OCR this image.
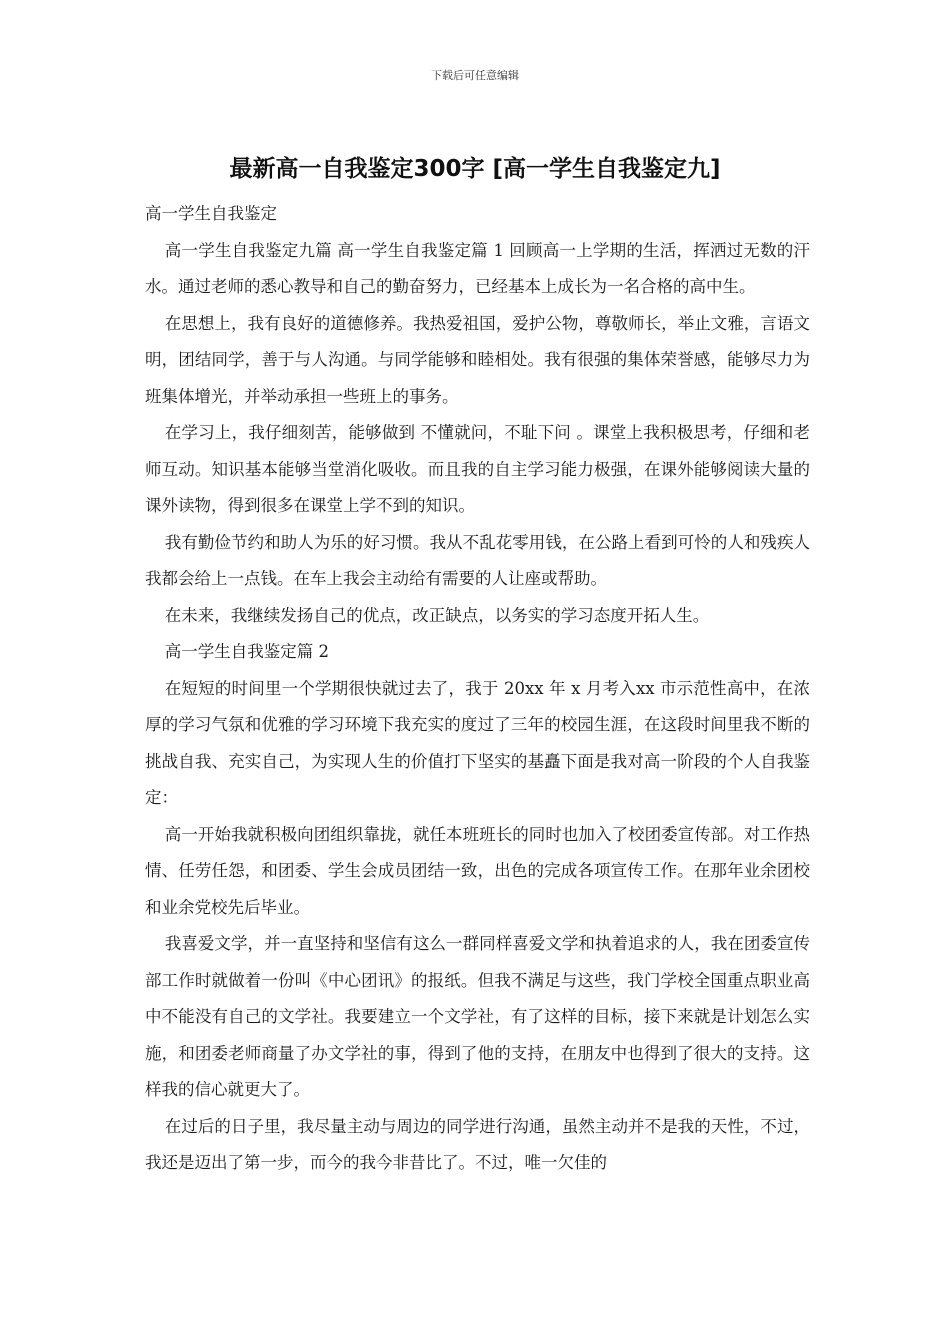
下载后可任意编辑
最新高一自我鉴定300字 [高一学生自我鉴定九]

高一学生自我鉴定

高一学生自我鉴定九篇 高一学生自我鉴定篇 1 回顾高一上学期的生活，挥洒过无数的汗水。通过老师的悉心教导和自己的勤奋努力，已经基本上成长为一名合格的高中生。

在思想上，我有良好的道德修养。我热爱祖国，爱护公物，尊敬师长，举止文雅，言语文明，团结同学，善于与人沟通。与同学能够和睦相处。我有很强的集体荣誉感，能够尽力为班集体增光，并举动承担一些班上的事务。

在学习上，我仔细刻苦，能够做到 不懂就问，不耻下问 。课堂上我积极思考，仔细和老师互动。知识基本能够当堂消化吸收。而且我的自主学习能力极强，在课外能够阅读大量的课外读物，得到很多在课堂上学不到的知识。

我有勤俭节约和助人为乐的好习惯。我从不乱花零用钱，在公路上看到可怜的人和残疾人我都会给上一点钱。在车上我会主动给有需要的人让座或帮助。

在未来，我继续发扬自己的优点，改正缺点，以务实的学习态度开拓人生。

高一学生自我鉴定篇 2

在短短的时间里一个学期很快就过去了，我于 20xx 年 x 月考入xx 市示范性高中，在浓厚的学习气氛和优雅的学习环境下我充实的度过了三年的校园生涯，在这段时间里我不断的挑战自我、充实自己，为实现人生的价值打下坚实的基矗下面是我对高一阶段的个人自我鉴定：

高一开始我就积极向团组织靠拢，就任本班班长的同时也加入了校团委宣传部。对工作热情、任劳任怨，和团委、学生会成员团结一致，出色的完成各项宣传工作。在那年业余团校和业余党校先后毕业。

我喜爱文学，并一直坚持和坚信有这么一群同样喜爱文学和执着追求的人，我在团委宣传部工作时就做着一份叫《中心团讯》的报纸。但我不满足与这些，我门学校全国重点职业高中不能没有自己的文学社。我要建立一个文学社，有了这样的目标，接下来就是计划怎么实施，和团委老师商量了办文学社的事，得到了他的支持，在朋友中也得到了很大的支持。这样我的信心就更大了。

在过后的日子里，我尽量主动与周边的同学进行沟通，虽然主动并不是我的天性，不过，我还是迈出了第一步，而今的我今非昔比了。不过，唯一欠佳的
